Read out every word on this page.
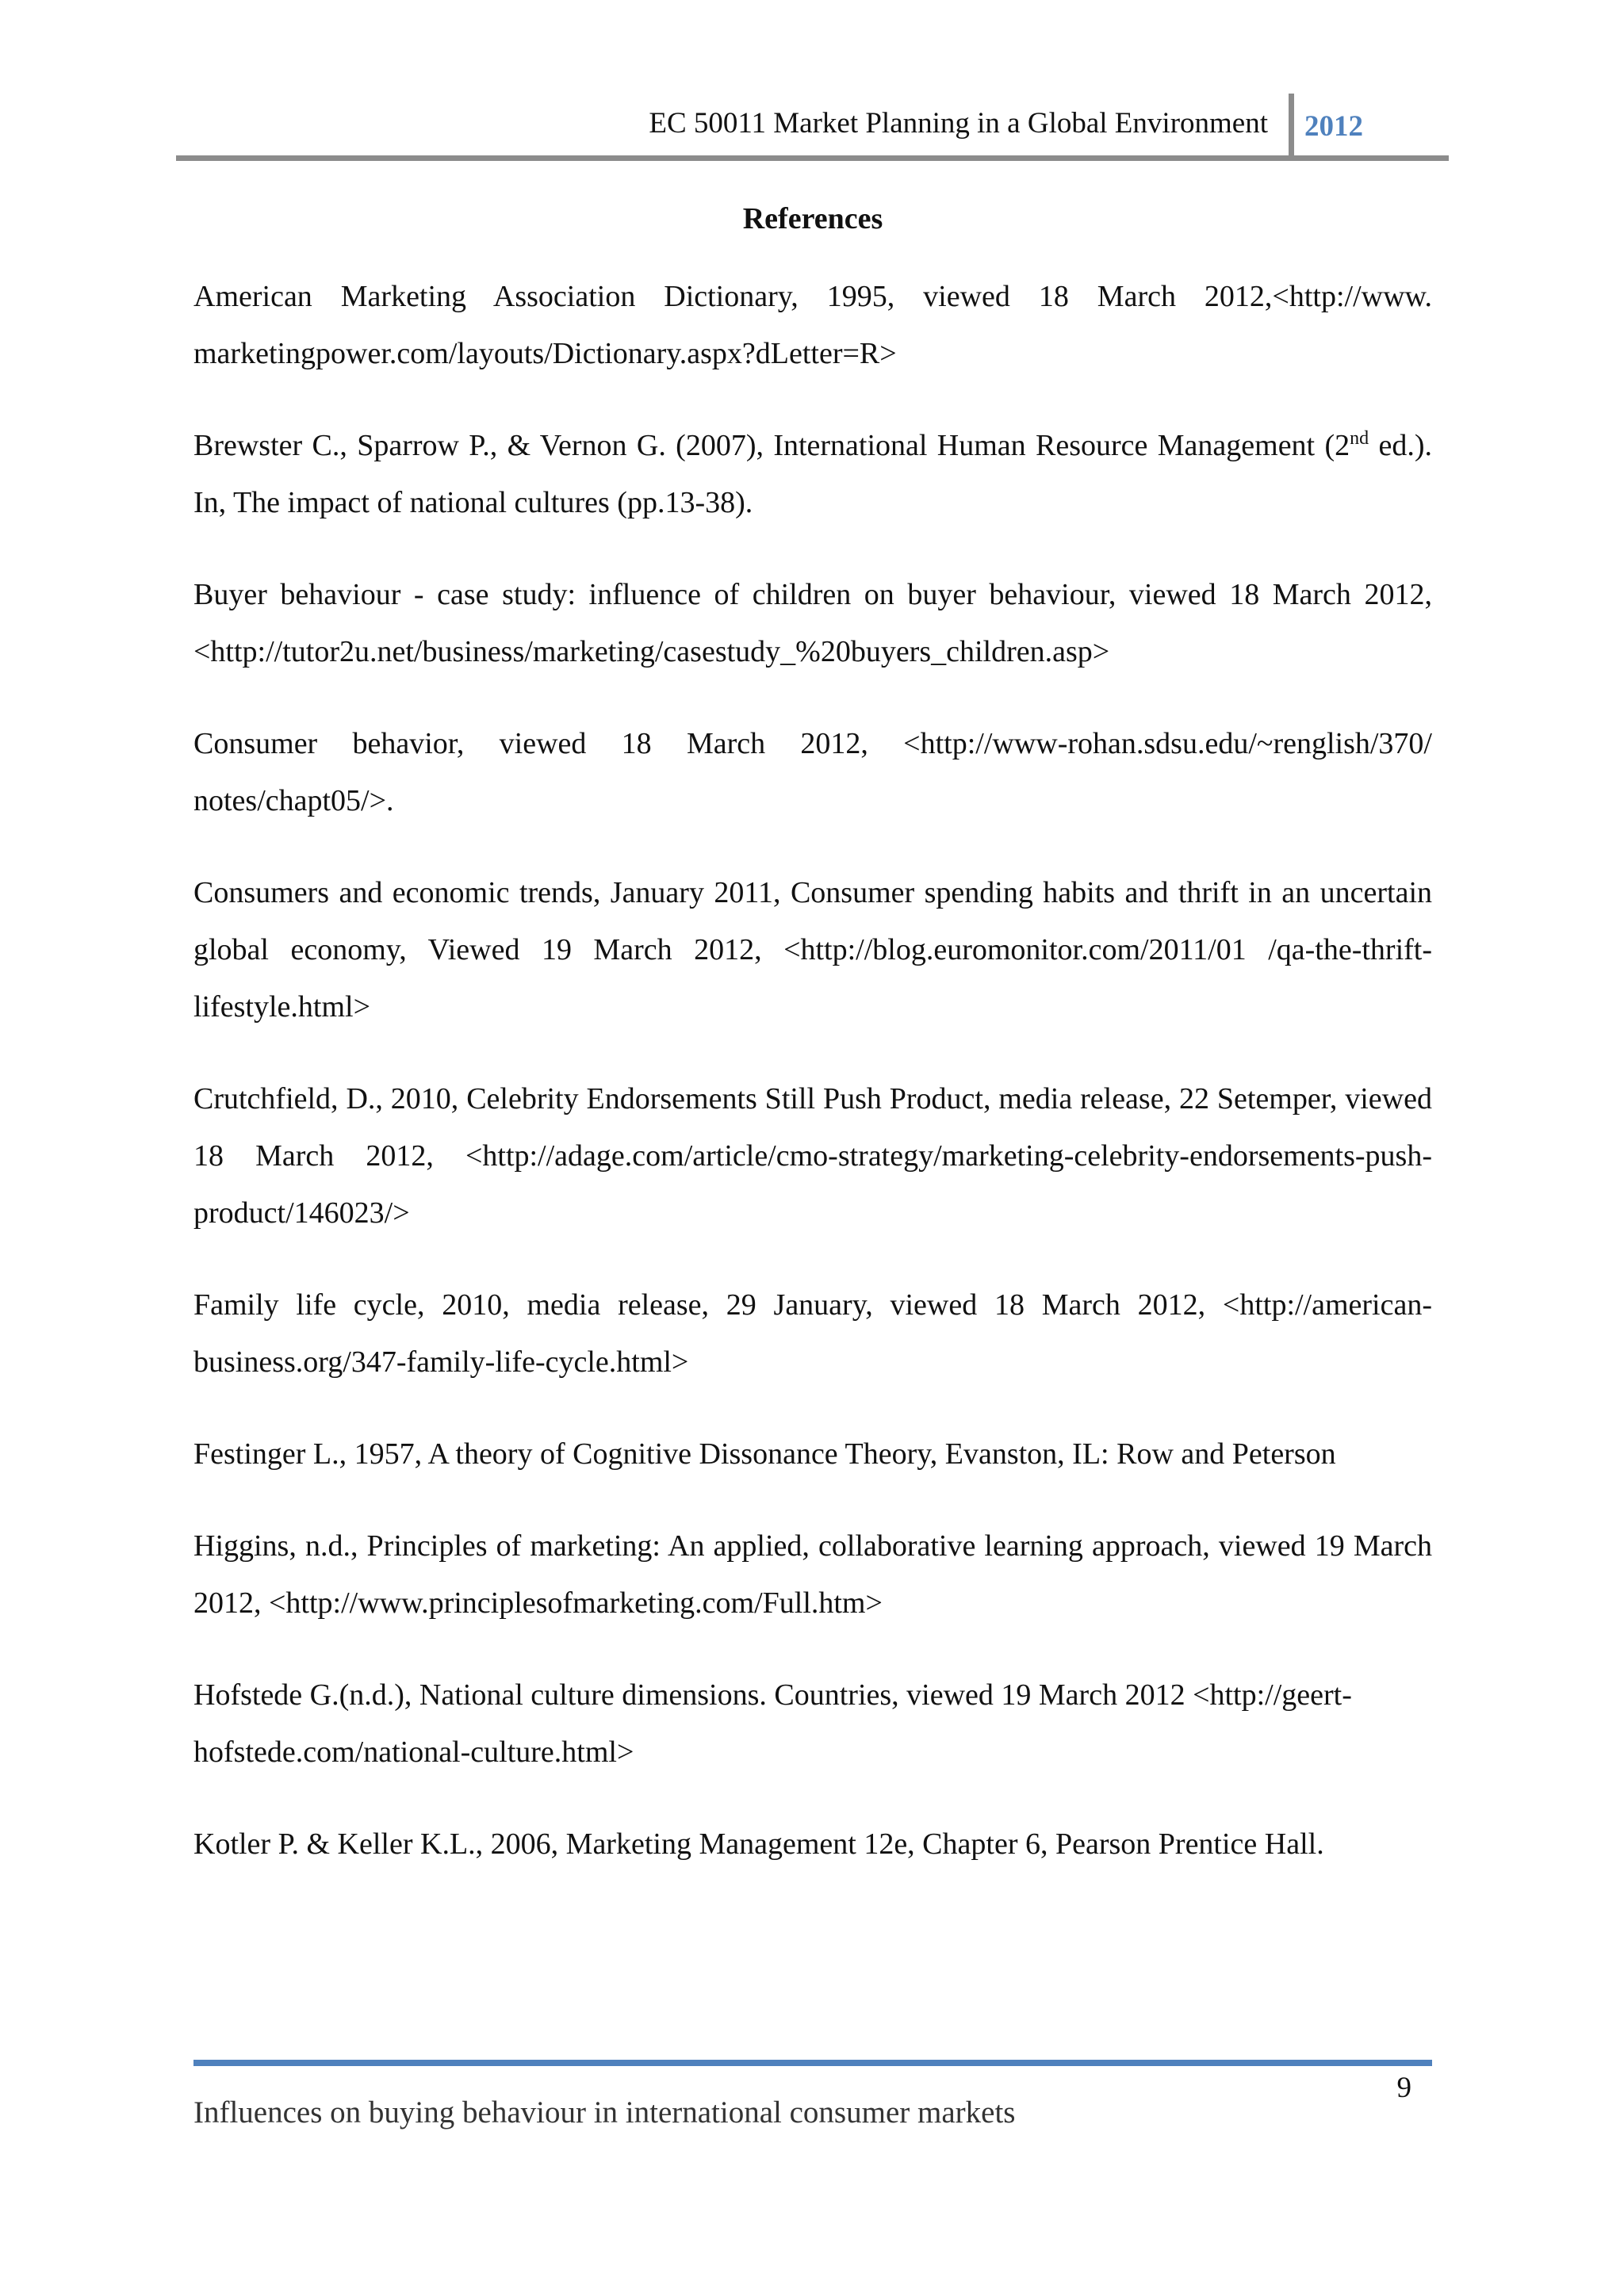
EC 50011 Market Planning in a Global Environment 2012
References
American Marketing Association Dictionary, 1995, viewed 18 March 2012,<http://www. marketingpower.com/layouts/Dictionary.aspx?dLetter=R>
Brewster C., Sparrow P., & Vernon G. (2007), International Human Resource Management (2nd ed.). In, The impact of national cultures (pp.13-38).
Buyer behaviour - case study: influence of children on buyer behaviour, viewed 18 March 2012, <http://tutor2u.net/business/marketing/casestudy_%20buyers_children.asp>
Consumer behavior, viewed 18 March 2012, <http://www-rohan.sdsu.edu/~renglish/370/ notes/chapt05/>.
Consumers and economic trends, January 2011, Consumer spending habits and thrift in an uncertain global economy, Viewed 19 March 2012, <http://blog.euromonitor.com/2011/01 /qa-the-thrift-lifestyle.html>
Crutchfield, D., 2010, Celebrity Endorsements Still Push Product, media release, 22 Setemper, viewed 18 March 2012, <http://adage.com/article/cmo-strategy/marketing-celebrity-endorsements-push-product/146023/>
Family life cycle, 2010, media release, 29 January, viewed 18 March 2012, <http://american-business.org/347-family-life-cycle.html>
Festinger L., 1957, A theory of Cognitive Dissonance Theory, Evanston, IL: Row and Peterson
Higgins, n.d., Principles of marketing: An applied, collaborative learning approach, viewed 19 March 2012, <http://www.principlesofmarketing.com/Full.htm>
Hofstede G.(n.d.), National culture dimensions. Countries, viewed 19 March 2012 <http://geert-hofstede.com/national-culture.html>
Kotler P. & Keller K.L., 2006, Marketing Management 12e, Chapter 6, Pearson Prentice Hall.
9
Influences on buying behaviour in international consumer markets
